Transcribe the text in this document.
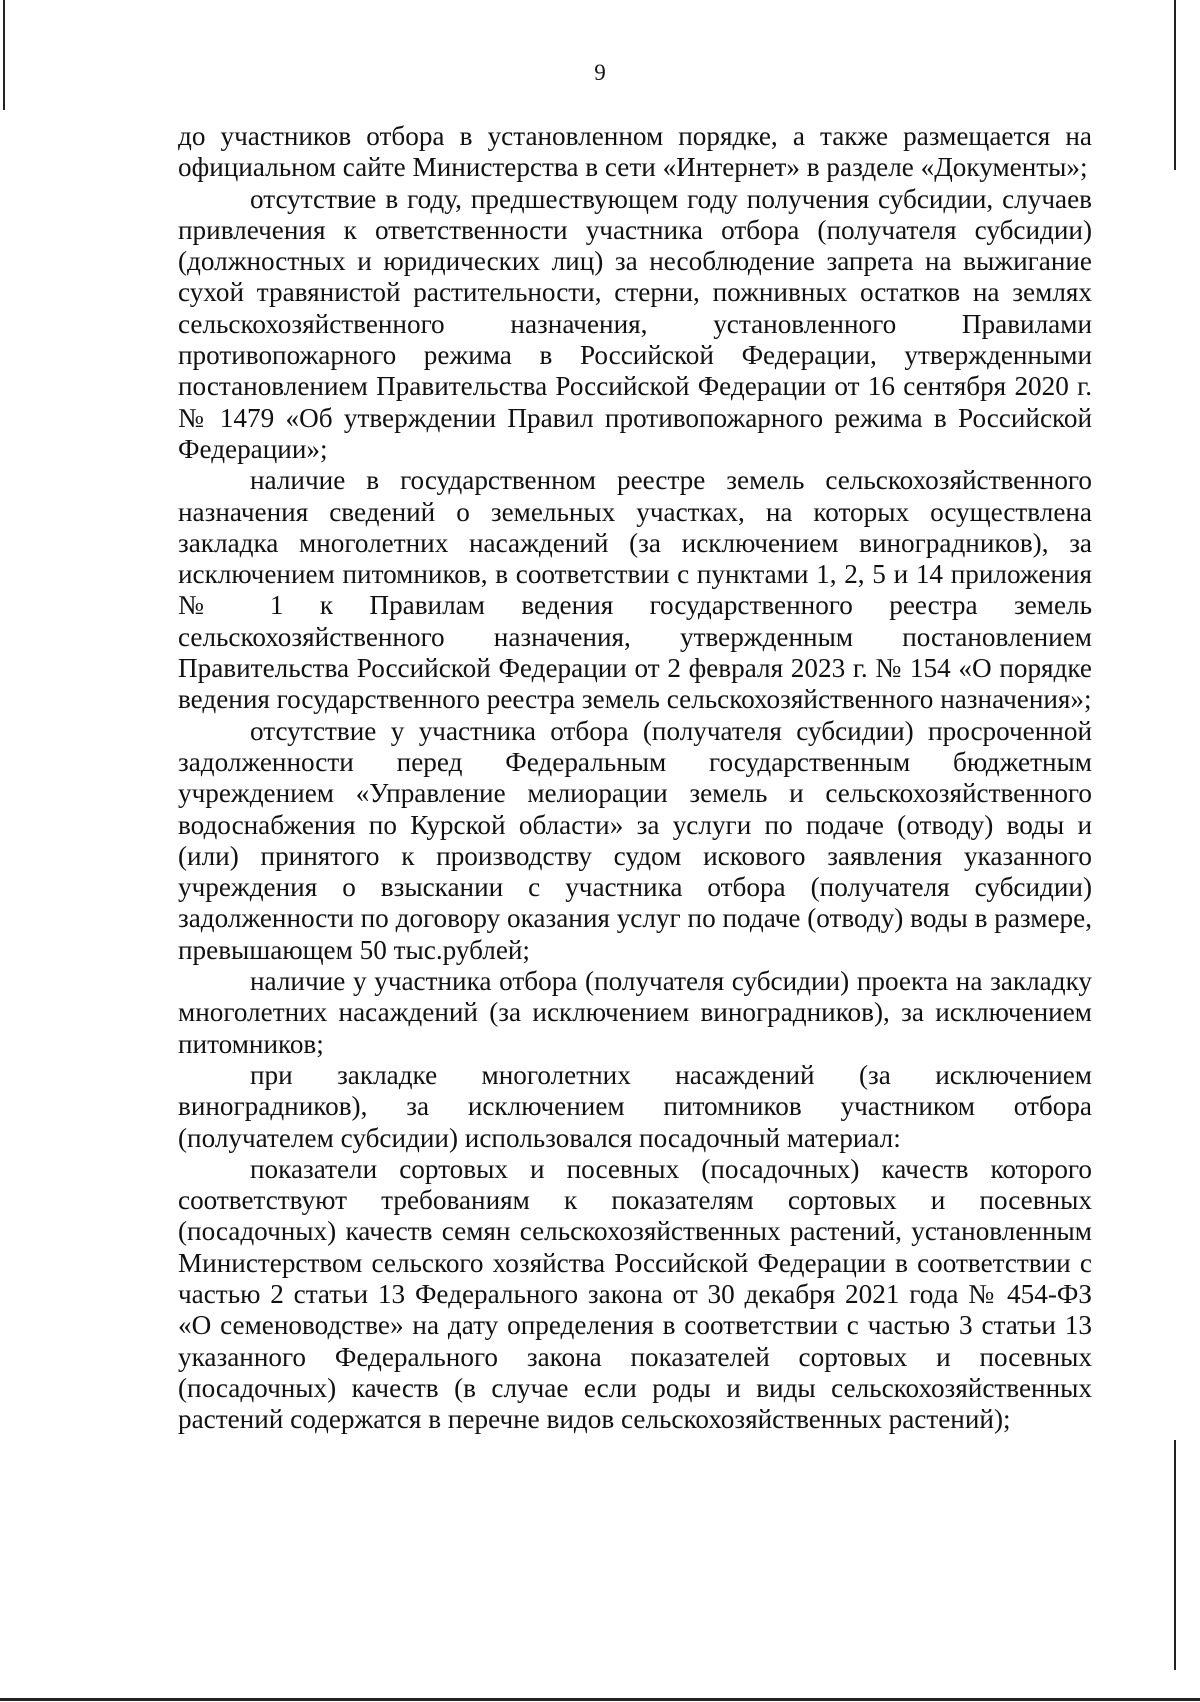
9

до участников отбора в установленном порядке, а также размещается на официальном сайте Министерства в сети «Интернет» в разделе «Документы»;

отсутствие в году, предшествующем году получения субсидии, случаев привлечения к ответственности участника отбора (получателя субсидии) (должностных и юридических лиц) за несоблюдение запрета на выжигание сухой травянистой растительности, стерни, пожнивных остатков на землях сельскохозяйственного назначения, установленного Правилами противопожарного режима в Российской Федерации, утвержденными постановлением Правительства Российской Федерации от 16 сентября 2020 г. № 1479 «Об утверждении Правил противопожарного режима в Российской Федерации»;

наличие в государственном реестре земель сельскохозяйственного назначения сведений о земельных участках, на которых осуществлена закладка многолетних насаждений (за исключением виноградников), за исключением питомников, в соответствии с пунктами 1, 2, 5 и 14 приложения № 1 к Правилам ведения государственного реестра земель сельскохозяйственного назначения, утвержденным постановлением Правительства Российской Федерации от 2 февраля 2023 г. № 154 «О порядке ведения государственного реестра земель сельскохозяйственного назначения»;

отсутствие у участника отбора (получателя субсидии) просроченной задолженности перед Федеральным государственным бюджетным учреждением «Управление мелиорации земель и сельскохозяйственного водоснабжения по Курской области» за услуги по подаче (отводу) воды и (или) принятого к производству судом искового заявления указанного учреждения о взыскании с участника отбора (получателя субсидии) задолженности по договору оказания услуг по подаче (отводу) воды в размере, превышающем 50 тыс.рублей;

наличие у участника отбора (получателя субсидии) проекта на закладку многолетних насаждений (за исключением виноградников), за исключением питомников;

при закладке многолетних насаждений (за исключением виноградников), за исключением питомников участником отбора (получателем субсидии) использовался посадочный материал:

показатели сортовых и посевных (посадочных) качеств которого соответствуют требованиям к показателям сортовых и посевных (посадочных) качеств семян сельскохозяйственных растений, установленным Министерством сельского хозяйства Российской Федерации в соответствии с частью 2 статьи 13 Федерального закона от 30 декабря 2021 года № 454-ФЗ «О семеноводстве» на дату определения в соответствии с частью 3 статьи 13 указанного Федерального закона показателей сортовых и посевных (посадочных) качеств (в случае если роды и виды сельскохозяйственных растений содержатся в перечне видов сельскохозяйственных растений);
